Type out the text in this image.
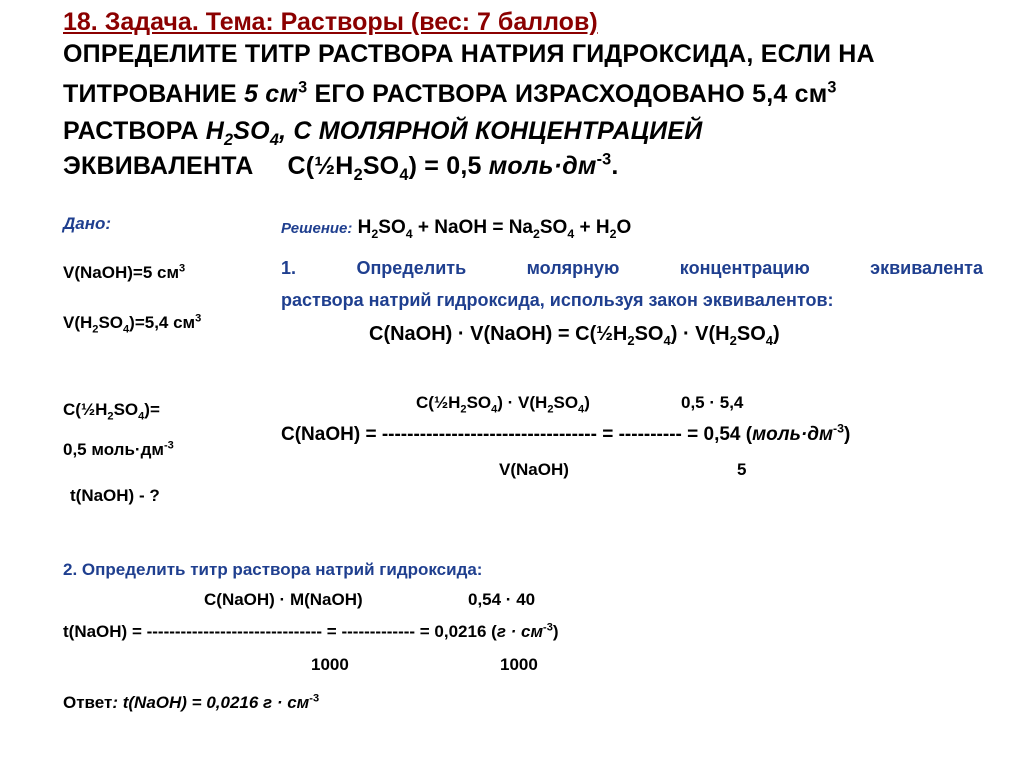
18. Задача. Тема: Растворы (вес: 7 баллов)
ОПРЕДЕЛИТЕ ТИТР РАСТВОРА НАТРИЯ ГИДРОКСИДА, ЕСЛИ НА
ТИТРОВАНИЕ 5 $см^3$ ЕГО РАСТВОРА ИЗРАСХОДОВАНО 5,4 $см^3$
РАСТВОРА $H_2SO_4$, С МОЛЯРНОЙ КОНЦЕНТРАЦИЕЙ
ЭКВИВАЛЕНТА $C(\frac{1}{2}H_2SO_4) = 0,5$ $моль\cdot дм^{-3}$.
Дано:
V(NaOH)=5 $см^3$
$V(H_2SO_4)=5,4$ $см^3$
$C(\frac{1}{2}H_2SO_4)=$
0,5 $моль\cdot дм^{-3}$
t(NaOH) - ?
Решение: $H_2SO_4$ + NaOH = $Na_2SO_4 + H_2O$
1.	Определить	молярную	концентрацию	эквивалента
раствора натрий гидроксида, используя закон эквивалентов:
C(NaOH) · V(NaOH) = $C(\frac{1}{2}H_2SO_4) \cdot V(H_2SO_4)$
$C(\frac{1}{2}H_2SO_4) \cdot V(H_2SO_4)$	0,5 · 5,4
C(NaOH) = ---------------------------------- = ---------- = 0,54 $(моль\cdot дм^{-3})$
V(NaOH)	5
2. Определить титр раствора натрий гидроксида:
C(NaOH) · M(NaOH)	0,54 · 40
t(NaOH) = ------------------------------- = ------------- = 0,0216 $(г \cdot см^{-3})$
1000	1000
Ответ: t(NaOH) = 0,0216 $г \cdot см^{-3}$
